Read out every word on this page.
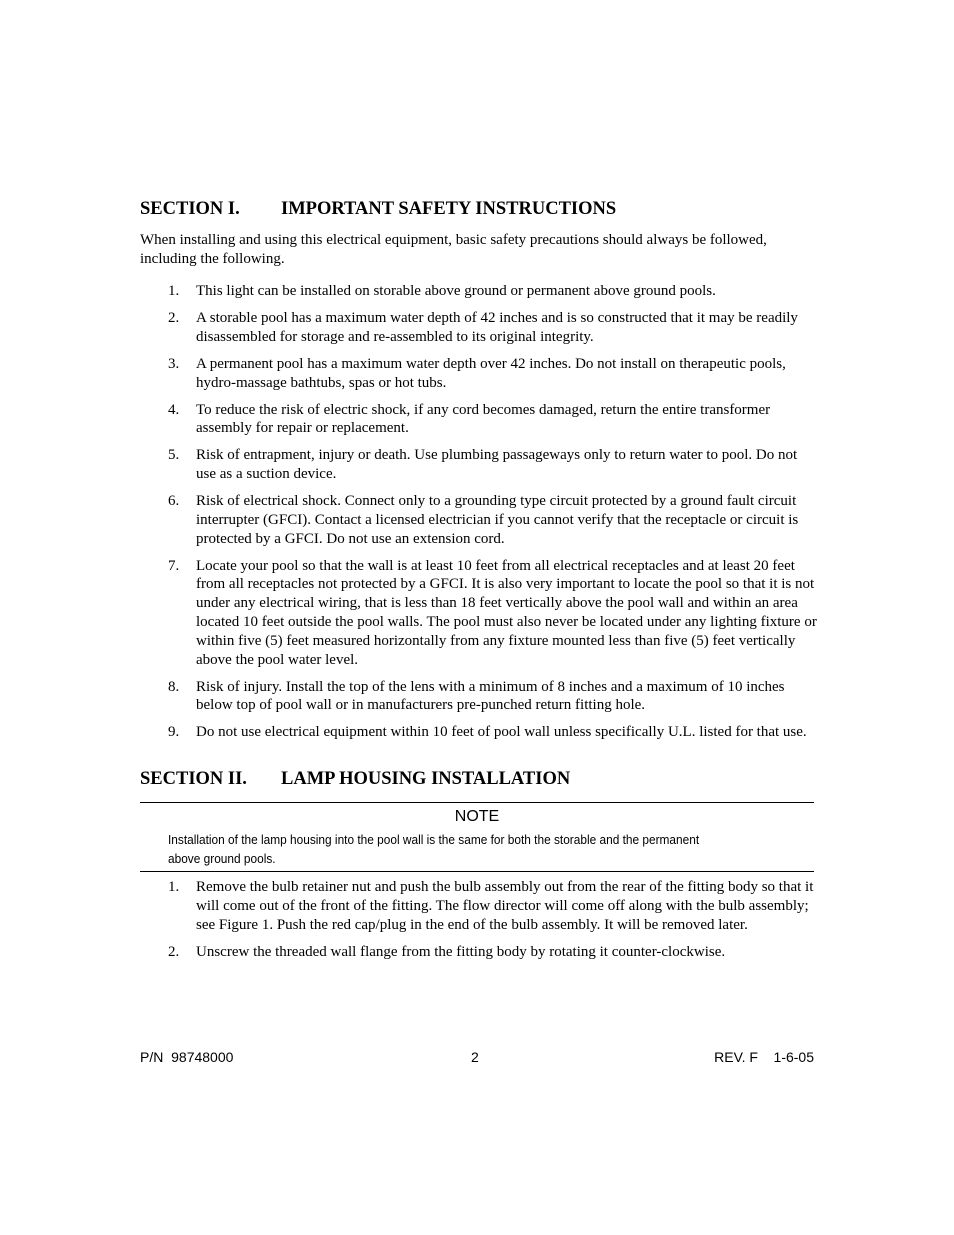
SECTION I. IMPORTANT SAFETY INSTRUCTIONS

When installing and using this electrical equipment, basic safety precautions should always be followed, including the following.

1. This light can be installed on storable above ground or permanent above ground pools.
2. A storable pool has a maximum water depth of 42 inches and is so constructed that it may be readily disassembled for storage and re-assembled to its original integrity.
3. A permanent pool has a maximum water depth over 42 inches. Do not install on therapeutic pools, hydro-massage bathtubs, spas or hot tubs.
4. To reduce the risk of electric shock, if any cord becomes damaged, return the entire transformer assembly for repair or replacement.
5. Risk of entrapment, injury or death. Use plumbing passageways only to return water to pool. Do not use as a suction device.
6. Risk of electrical shock. Connect only to a grounding type circuit protected by a ground fault circuit interrupter (GFCI). Contact a licensed electrician if you cannot verify that the receptacle or circuit is protected by a GFCI. Do not use an extension cord.
7. Locate your pool so that the wall is at least 10 feet from all electrical receptacles and at least 20 feet from all receptacles not protected by a GFCI. It is also very important to locate the pool so that it is not under any electrical wiring, that is less than 18 feet vertically above the pool wall and within an area located 10 feet outside the pool walls. The pool must also never be located under any lighting fixture or within five (5) feet measured horizontally from any fixture mounted less than five (5) feet vertically above the pool water level.
8. Risk of injury. Install the top of the lens with a minimum of 8 inches and a maximum of 10 inches below top of pool wall or in manufacturers pre-punched return fitting hole.
9. Do not use electrical equipment within 10 feet of pool wall unless specifically U.L. listed for that use.
SECTION II. LAMP HOUSING INSTALLATION
NOTE
Installation of the lamp housing into the pool wall is the same for both the storable and the permanent above ground pools.
1. Remove the bulb retainer nut and push the bulb assembly out from the rear of the fitting body so that it will come out of the front of the fitting. The flow director will come off along with the bulb assembly; see Figure 1. Push the red cap/plug in the end of the bulb assembly. It will be removed later.
2. Unscrew the threaded wall flange from the fitting body by rotating it counter-clockwise.
P/N  98748000	2	REV. F    1-6-05
